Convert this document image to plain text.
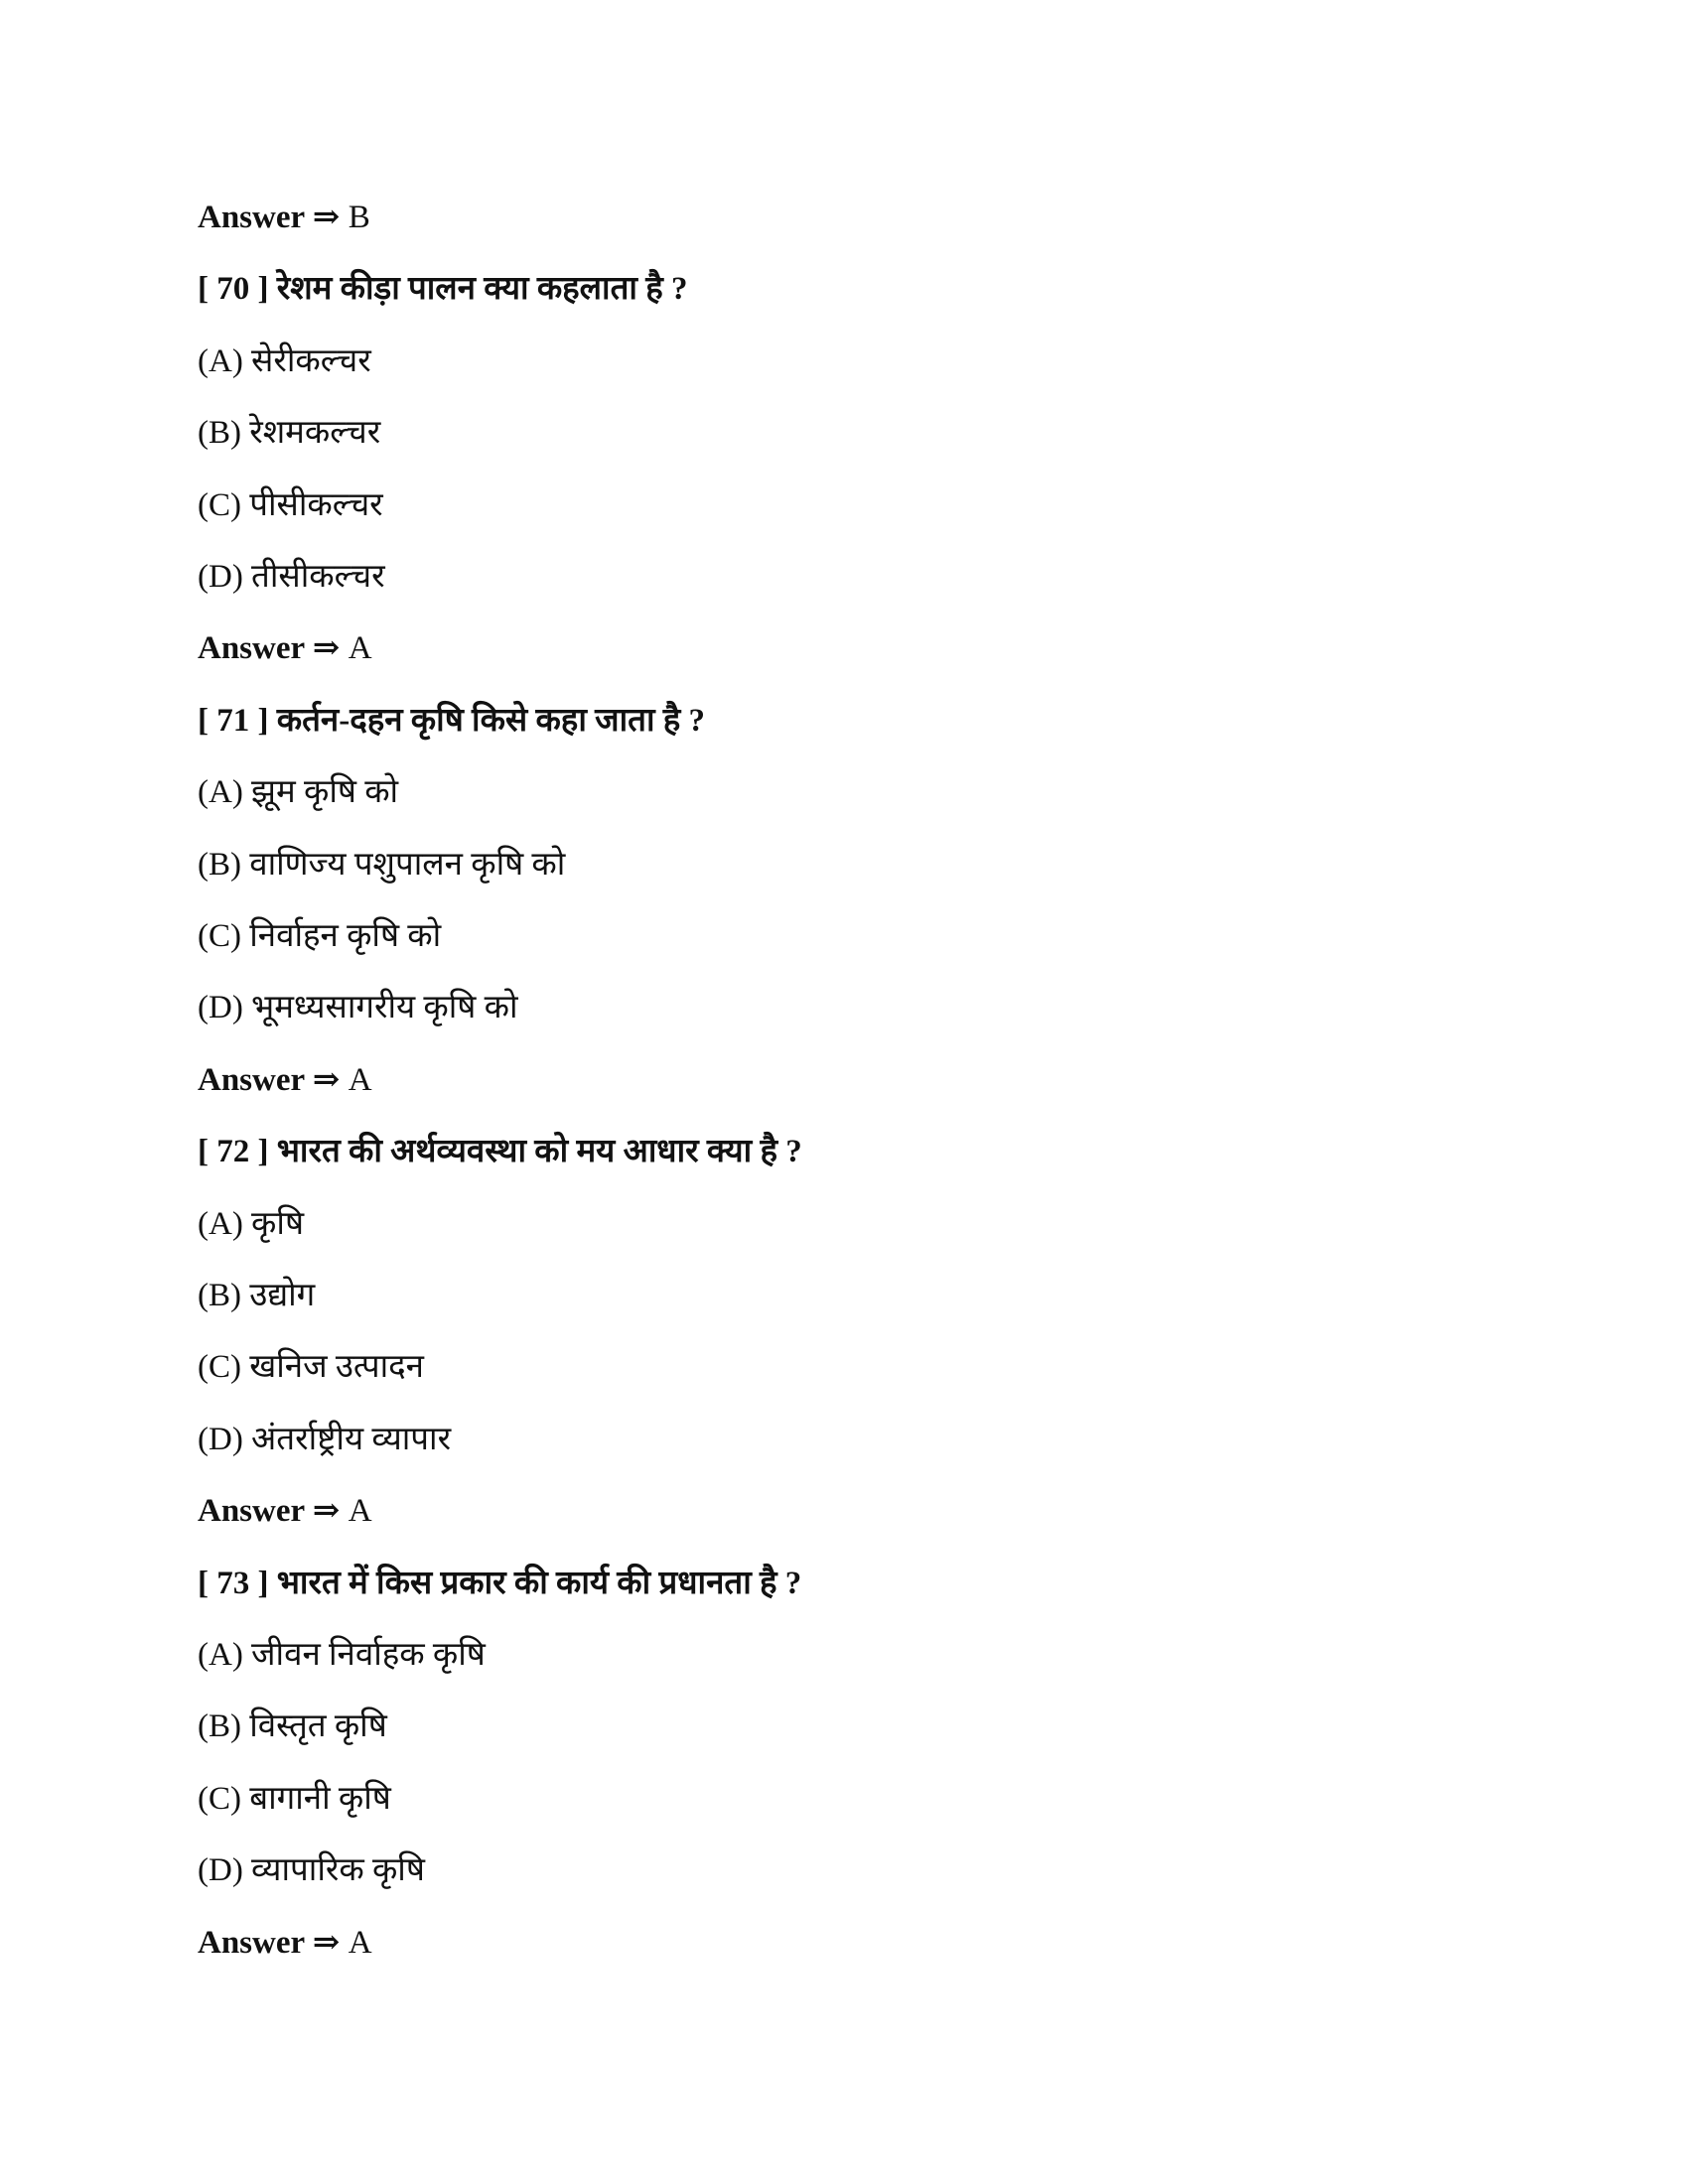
Answer ⇒ B
[ 70 ] रेशम कीड़ा पालन क्या कहलाता है ?
(A) सेरीकल्चर
(B) रेशमकल्चर
(C) पीसीकल्चर
(D) तीसीकल्चर
Answer ⇒ A
[ 71 ] कर्तन-दहन कृषि किसे कहा जाता है ?
(A) झूम कृषि को
(B) वाणिज्य पशुपालन कृषि को
(C) निर्वाहन कृषि को
(D) भूमध्यसागरीय कृषि को
Answer ⇒ A
[ 72 ] भारत की अर्थव्यवस्था को मय आधार क्या है ?
(A) कृषि
(B) उद्योग
(C) खनिज उत्पादन
(D) अंतर्राष्ट्रीय व्यापार
Answer ⇒ A
[ 73 ] भारत में किस प्रकार की कार्य की प्रधानता है ?
(A) जीवन निर्वाहक कृषि
(B) विस्तृत कृषि
(C) बागानी कृषि
(D) व्यापारिक कृषि
Answer ⇒ A
